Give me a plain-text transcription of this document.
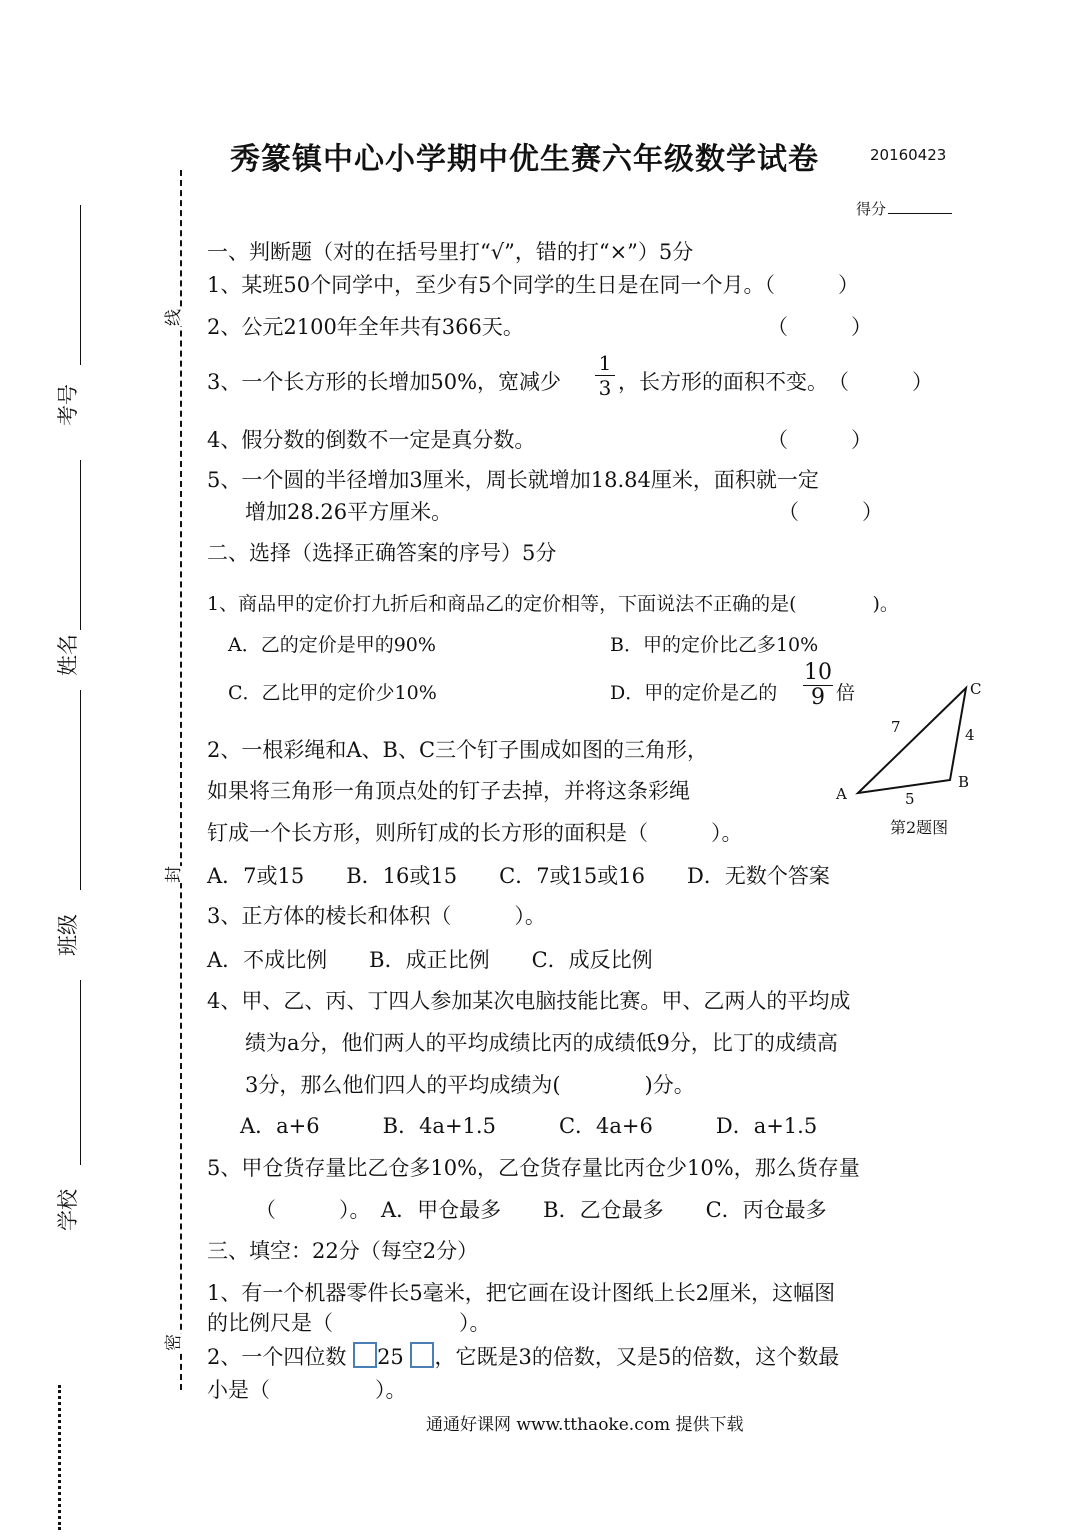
秀篆镇中心小学期中优生赛六年级数学试卷	20160423
得分
考号
姓名
班级
学校
线
封
密
一、判断题（对的在括号里打“√”，错的打“×”）5分
1、某班50个同学中，至少有5个同学的生日是在同一个月。（　　　）
2、公元2100年全年共有366天。	（　　　）
3、一个长方形的长增加50%，宽减少
1
3 ，长方形的面积不变。　（　　　）
4、假分数的倒数不一定是真分数。	（　　　）
5、一个圆的半径增加3厘米，周长就增加18.84厘米，面积就一定
增加28.26平方厘米。	（　　　）
二、选择（选择正确答案的序号）5分
1、商品甲的定价打九折后和商品乙的定价相等，下面说法不正确的是(　　　　)。
A．乙的定价是甲的90%	B．甲的定价比乙多10%
C．乙比甲的定价少10%	D．甲的定价是乙的
10
9 倍
2、一根彩绳和A、B、C三个钉子围成如图的三角形，
如果将三角形一角顶点处的钉子去掉，并将这条彩绳
钉成一个长方形，则所钉成的长方形的面积是（　　　）。
A
B
C
7	4
5
第2题图
A．7或15　　B．16或15　　C．7或15或16　　D．无数个答案
3、正方体的棱长和体积（　　　）。
A．不成比例　　B．成正比例　　C．成反比例
4、甲、乙、丙、丁四人参加某次电脑技能比赛。甲、乙两人的平均成
绩为a分，他们两人的平均成绩比丙的成绩低9分，比丁的成绩高
3分，那么他们四人的平均成绩为(　　　　)分。
A．a+6　　　B．4a+1.5　　　C．4a+6　　　D．a+1.5
5、甲仓货存量比乙仓多10%，乙仓货存量比丙仓少10%，那么货存量
（　　　）。　A．甲仓最多　　B．乙仓最多　　C．丙仓最多
三、填空：22分（每空2分）
1、有一个机器零件长5毫米，把它画在设计图纸上长2厘米，这幅图
的比例尺是（　　　　　　）。
2、一个四位数 25 ，它既是3的倍数，又是5的倍数，这个数最
小是（　　　　　）。
通通好课网 www.tthaoke.com 提供下载
